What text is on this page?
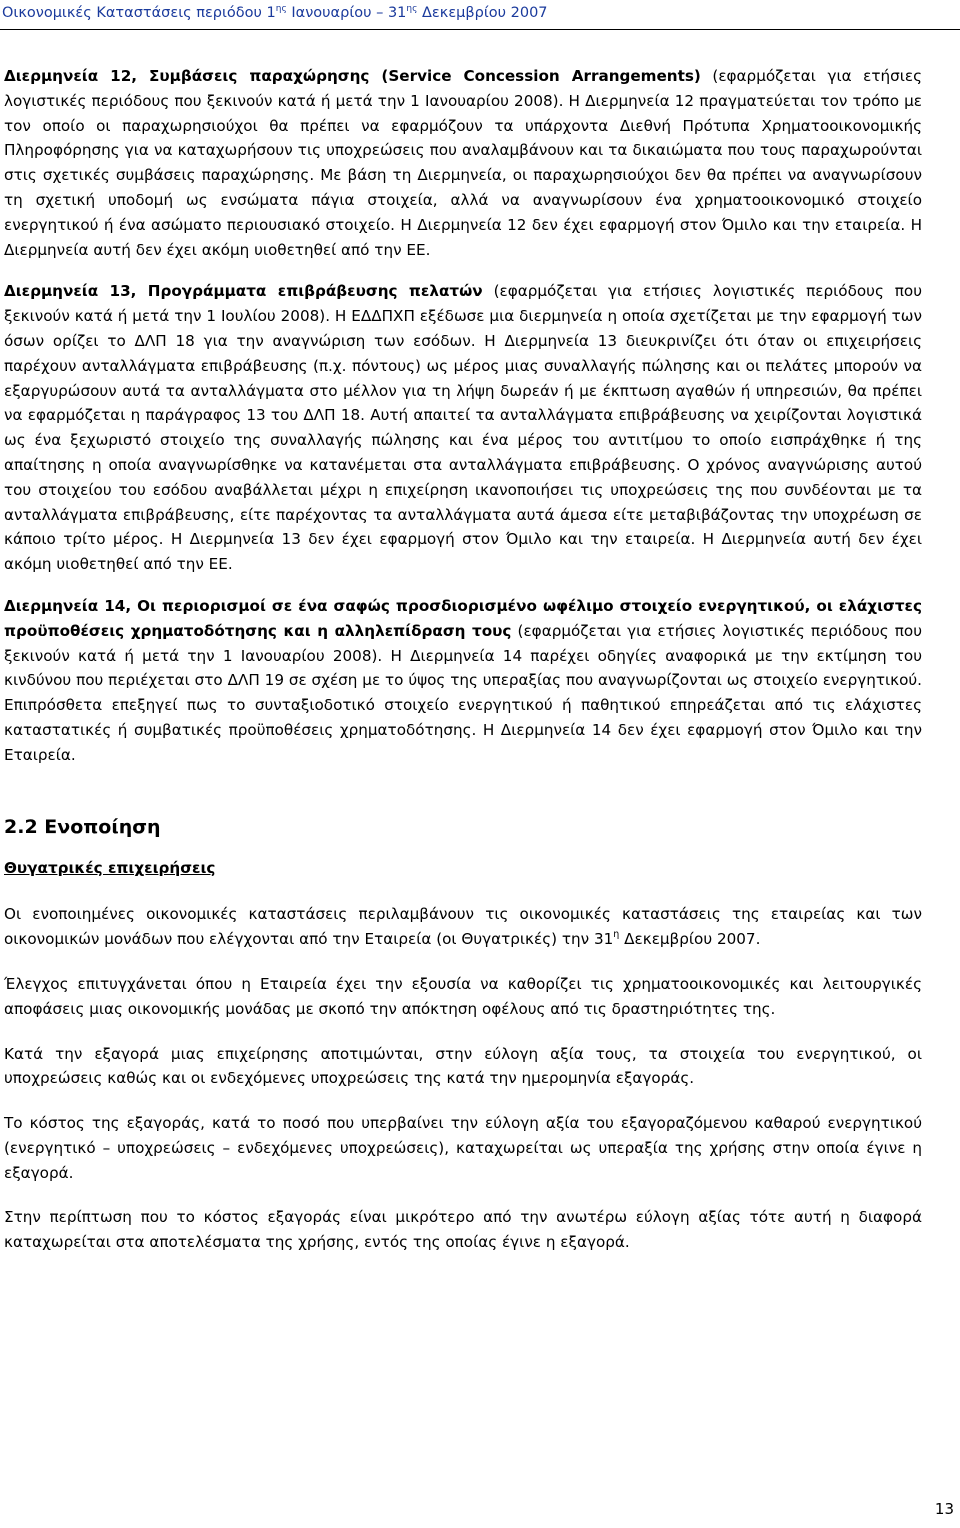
Οικονομικές Καταστάσεις περιόδου $1^{\eta\varsigma}$ Ιανουαρίου – $31^{\eta\varsigma}$ Δεκεμβρίου 2007

Διερμηνεία 12, Συμβάσεις παραχώρησης (Service Concession Arrangements) (εφαρμόζεται για ετήσιες λογιστικές περιόδους που ξεκινούν κατά ή μετά την 1 Ιανουαρίου 2008). Η Διερμηνεία 12 πραγματεύεται τον τρόπο με τον οποίο οι παραχωρησιούχοι θα πρέπει να εφαρμόζουν τα υπάρχοντα Διεθνή Πρότυπα Χρηματοοικονομικής Πληροφόρησης για να καταχωρήσουν τις υποχρεώσεις που αναλαμβάνουν και τα δικαιώματα που τους παραχωρούνται στις σχετικές συμβάσεις παραχώρησης. Με βάση τη Διερμηνεία, οι παραχωρησιούχοι δεν θα πρέπει να αναγνωρίσουν τη σχετική υποδομή ως ενσώματα πάγια στοιχεία, αλλά να αναγνωρίσουν ένα χρηματοοικονομικό στοιχείο ενεργητικού ή ένα ασώματο περιουσιακό στοιχείο. Η Διερμηνεία 12 δεν έχει εφαρμογή στον Όμιλο και την εταιρεία. Η Διερμηνεία αυτή δεν έχει ακόμη υιοθετηθεί από την ΕΕ.

Διερμηνεία 13, Προγράμματα επιβράβευσης πελατών (εφαρμόζεται για ετήσιες λογιστικές περιόδους που ξεκινούν κατά ή μετά την 1 Ιουλίου 2008). Η ΕΔΔΠΧΠ εξέδωσε μια διερμηνεία η οποία σχετίζεται με την εφαρμογή των όσων ορίζει το ΔΛΠ 18 για την αναγνώριση των εσόδων. Η Διερμηνεία 13 διευκρινίζει ότι όταν οι επιχειρήσεις παρέχουν ανταλλάγματα επιβράβευσης (π.χ. πόντους) ως μέρος μιας συναλλαγής πώλησης και οι πελάτες μπορούν να εξαργυρώσουν αυτά τα ανταλλάγματα στο μέλλον για τη λήψη δωρεάν ή με έκπτωση αγαθών ή υπηρεσιών, θα πρέπει να εφαρμόζεται η παράγραφος 13 του ΔΛΠ 18. Αυτή απαιτεί τα ανταλλάγματα επιβράβευσης να χειρίζονται λογιστικά ως ένα ξεχωριστό στοιχείο της συναλλαγής πώλησης και ένα μέρος του αντιτίμου το οποίο εισπράχθηκε ή της απαίτησης η οποία αναγνωρίσθηκε να κατανέμεται στα ανταλλάγματα επιβράβευσης. Ο χρόνος αναγνώρισης αυτού του στοιχείου του εσόδου αναβάλλεται μέχρι η επιχείρηση ικανοποιήσει τις υποχρεώσεις της που συνδέονται με τα ανταλλάγματα επιβράβευσης, είτε παρέχοντας τα ανταλλάγματα αυτά άμεσα είτε μεταβιβάζοντας την υποχρέωση σε κάποιο τρίτο μέρος. Η Διερμηνεία 13 δεν έχει εφαρμογή στον Όμιλο και την εταιρεία. Η Διερμηνεία αυτή δεν έχει ακόμη υιοθετηθεί από την ΕΕ.

Διερμηνεία 14, Οι περιορισμοί σε ένα σαφώς προσδιορισμένο ωφέλιμο στοιχείο ενεργητικού, οι ελάχιστες προϋποθέσεις χρηματοδότησης και η αλληλεπίδραση τους (εφαρμόζεται για ετήσιες λογιστικές περιόδους που ξεκινούν κατά ή μετά την 1 Ιανουαρίου 2008). Η Διερμηνεία 14 παρέχει οδηγίες αναφορικά με την εκτίμηση του κινδύνου που περιέχεται στο ΔΛΠ 19 σε σχέση με το ύψος της υπεραξίας που αναγνωρίζονται ως στοιχείο ενεργητικού. Επιπρόσθετα επεξηγεί πως το συνταξιοδοτικό στοιχείο ενεργητικού ή παθητικού επηρεάζεται από τις ελάχιστες καταστατικές ή συμβατικές προϋποθέσεις χρηματοδότησης. Η Διερμηνεία 14 δεν έχει εφαρμογή στον Όμιλο και την Εταιρεία.

2.2 Ενοποίηση
Θυγατρικές επιχειρήσεις

Οι ενοποιημένες οικονομικές καταστάσεις περιλαμβάνουν τις οικονομικές καταστάσεις της εταιρείας και των οικονομικών μονάδων που ελέγχονται από την Εταιρεία (οι Θυγατρικές) την $31^\eta$ Δεκεμβρίου 2007.

Έλεγχος επιτυγχάνεται όπου η Εταιρεία έχει την εξουσία να καθορίζει τις χρηματοοικονομικές και λειτουργικές αποφάσεις μιας οικονομικής μονάδας με σκοπό την απόκτηση οφέλους από τις δραστηριότητες της.

Κατά την εξαγορά μιας επιχείρησης αποτιμώνται, στην εύλογη αξία τους, τα στοιχεία του ενεργητικού, οι υποχρεώσεις καθώς και οι ενδεχόμενες υποχρεώσεις της κατά την ημερομηνία εξαγοράς.

Το κόστος της εξαγοράς, κατά το ποσό που υπερβαίνει την εύλογη αξία του εξαγοραζόμενου καθαρού ενεργητικού (ενεργητικό – υποχρεώσεις – ενδεχόμενες υποχρεώσεις), καταχωρείται ως υπεραξία της χρήσης στην οποία έγινε η εξαγορά.

Στην περίπτωση που το κόστος εξαγοράς είναι μικρότερο από την ανωτέρω εύλογη αξίας τότε αυτή η διαφορά καταχωρείται στα αποτελέσματα της χρήσης, εντός της οποίας έγινε η εξαγορά.

13
